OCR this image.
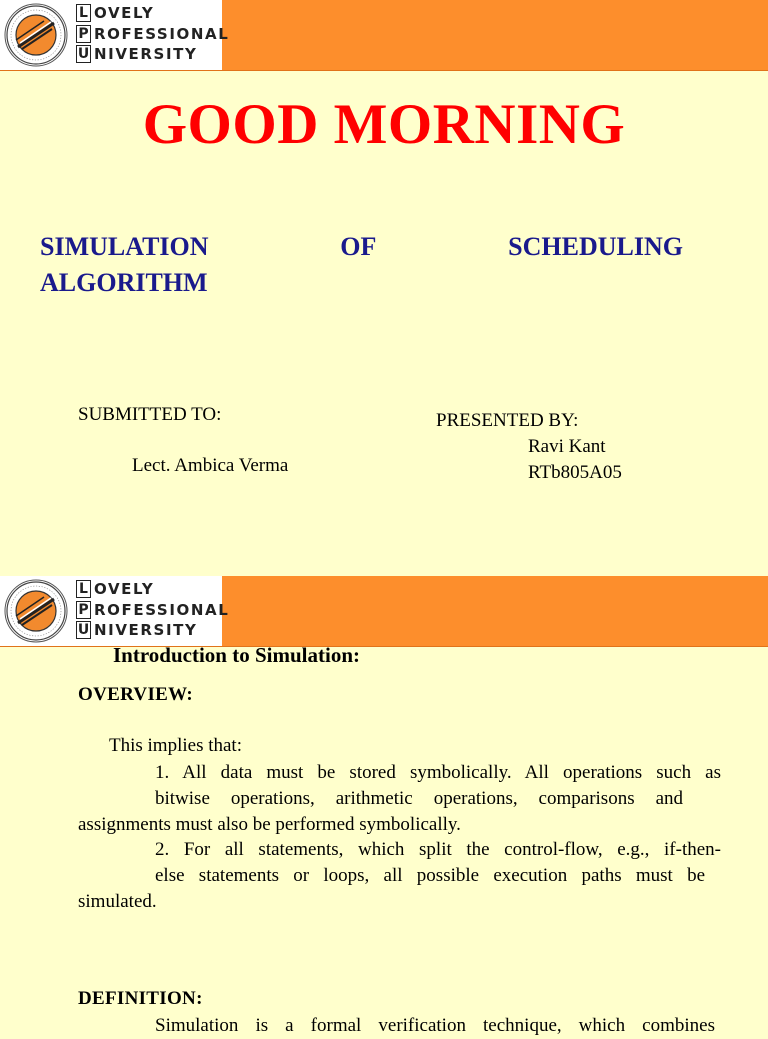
L OVELY
P ROFESSIONAL
U NIVERSITY
GOOD MORNING
SIMULATION	OF	SCHEDULING
ALGORITHM
SUBMITTED TO:
Lect. Ambica Verma
PRESENTED BY:
Ravi Kant
RTb805A05
L OVELY
P ROFESSIONAL
U NIVERSITY
Introduction to Simulation:
OVERVIEW:
This implies that:
1. All data must be stored symbolically. All operations such as
bitwise operations, arithmetic operations, comparisons and
assignments must also be performed symbolically.
2. For all statements, which split the control-flow, e.g., if-then-
else statements or loops, all possible execution paths must be
simulated.
DEFINITION:
Simulation is a formal verification technique, which combines
